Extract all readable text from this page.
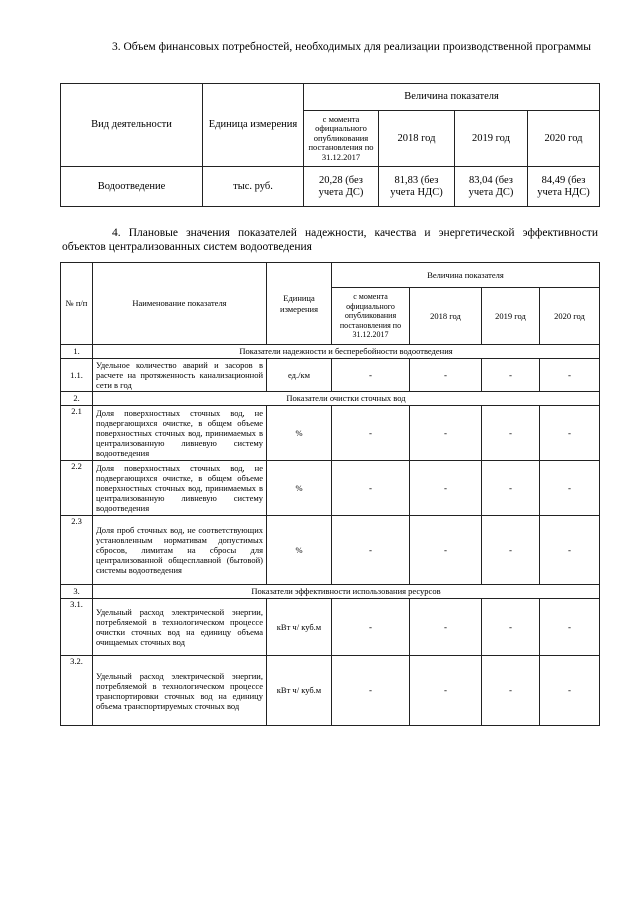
3. Объем финансовых потребностей, необходимых для реализации производственной программы
Вид деятельности	Единица измерения	Величина показателя			
		с момента официального опубликования постановления по 31.12.2017	2018 год	2019 год	2020 год
Водоотведение	тыс. руб.	20,28 (без учета ДС)	81,83 (без учета НДС)	83,04 (без учета ДС)	84,49 (без учета НДС)
4. Плановые значения показателей надежности, качества и энергетической эффективности объектов централизованных систем водоотведения
№ п/п	Наименование показателя	Единица измерения	Величина показателя			
			с момента официального опубликования постановления по 31.12.2017	2018 год	2019 год	2020 год
1.	Показатели надежности и бесперебойности водоотведения					
1.1.	Удельное количество аварий и засоров в расчете на протяженность канализационной сети в год	ед./км	-	-	-	-
2.	Показатели очистки сточных вод					
2.1	Доля поверхностных сточных вод, не подвергающихся очистке, в общем объеме поверхностных сточных вод, принимаемых в централизованную ливневую систему водоотведения	%	-	-	-	-
2.2	Доля поверхностных сточных вод, не подвергающихся очистке, в общем объеме поверхностных сточных вод, принимаемых в централизованную ливневую систему водоотведения	%	-	-	-	-
2.3	Доля проб сточных вод, не соответствующих установленным нормативам допустимых сбросов, лимитам на сбросы для централизованной общесплавной (бытовой) системы водоотведения	%	-	-	-	-
3.	Показатели эффективности использования ресурсов					
3.1.	Удельный расход электрической энергии, потребляемой в технологическом процессе очистки сточных вод на единицу объема очищаемых сточных вод	кВт ч/ куб.м	-	-	-	-
3.2.	Удельный расход электрической энергии, потребляемой в технологическом процессе транспортировки сточных вод на единицу объема транспортируемых сточных вод	кВт ч/ куб.м	-	-	-	-
